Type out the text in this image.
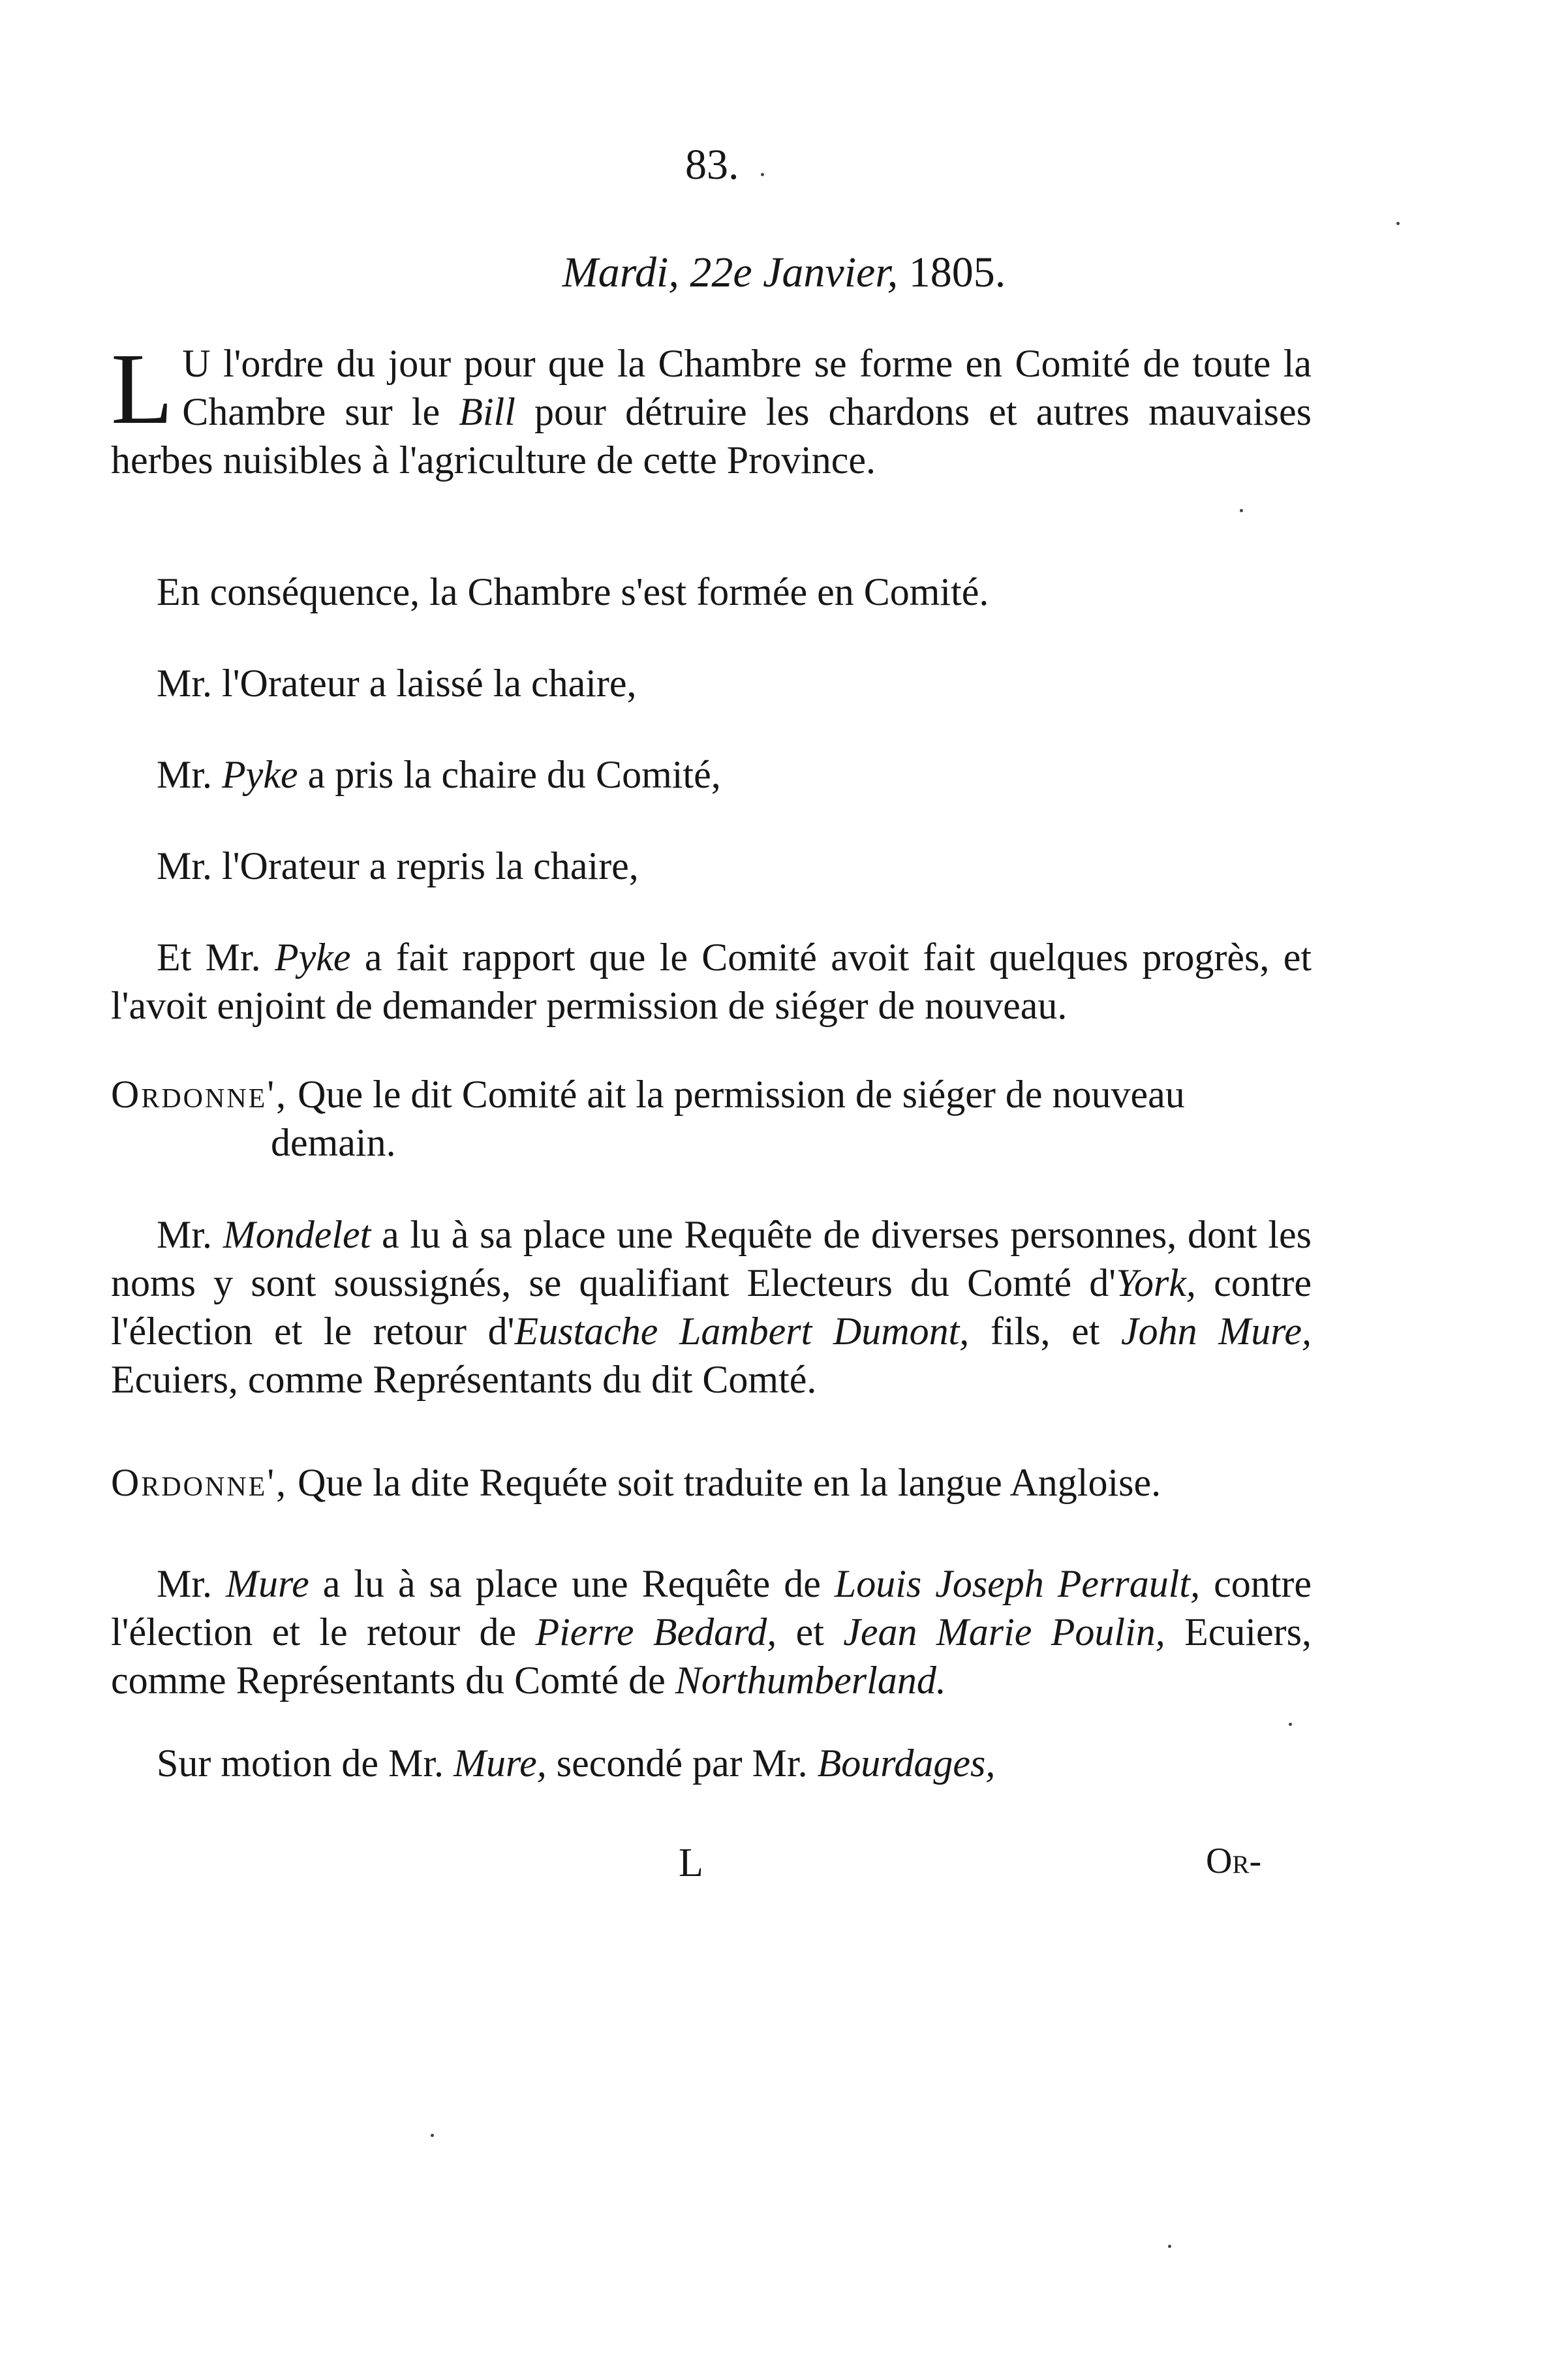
83.
Mardi, 22e Janvier, 1805.
L U l'ordre du jour pour que la Chambre se forme en Comité de toute la Chambre sur le Bill pour détruire les chardons et autres mauvaises herbes nuisibles à l'agriculture de cette Province.
En conséquence, la Chambre s'est formée en Comité.
Mr. l'Orateur a laissé la chaire,
Mr. Pyke a pris la chaire du Comité,
Mr. l'Orateur a repris la chaire,
Et Mr. Pyke a fait rapport que le Comité avoit fait quelques progrès, et l'avoit enjoint de demander permission de siéger de nouveau.
Ordonne', Que le dit Comité ait la permission de siéger de nouveau
demain.
Mr. Mondelet a lu à sa place une Requête de diverses personnes, dont les noms y sont soussignés, se qualifiant Electeurs du Comté d'York, contre l'élection et le retour d'Eustache Lambert Dumont, fils, et John Mure, Ecuiers, comme Représentants du dit Comté.
Ordonne', Que la dite Requéte soit traduite en la langue Angloise.
Mr. Mure a lu à sa place une Requête de Louis Joseph Perrault, contre l'élection et le retour de Pierre Bedard, et Jean Marie Poulin, Ecuiers, comme Représentants du Comté de Northumberland.
Sur motion de Mr. Mure, secondé par Mr. Bourdages,
L	Or-
